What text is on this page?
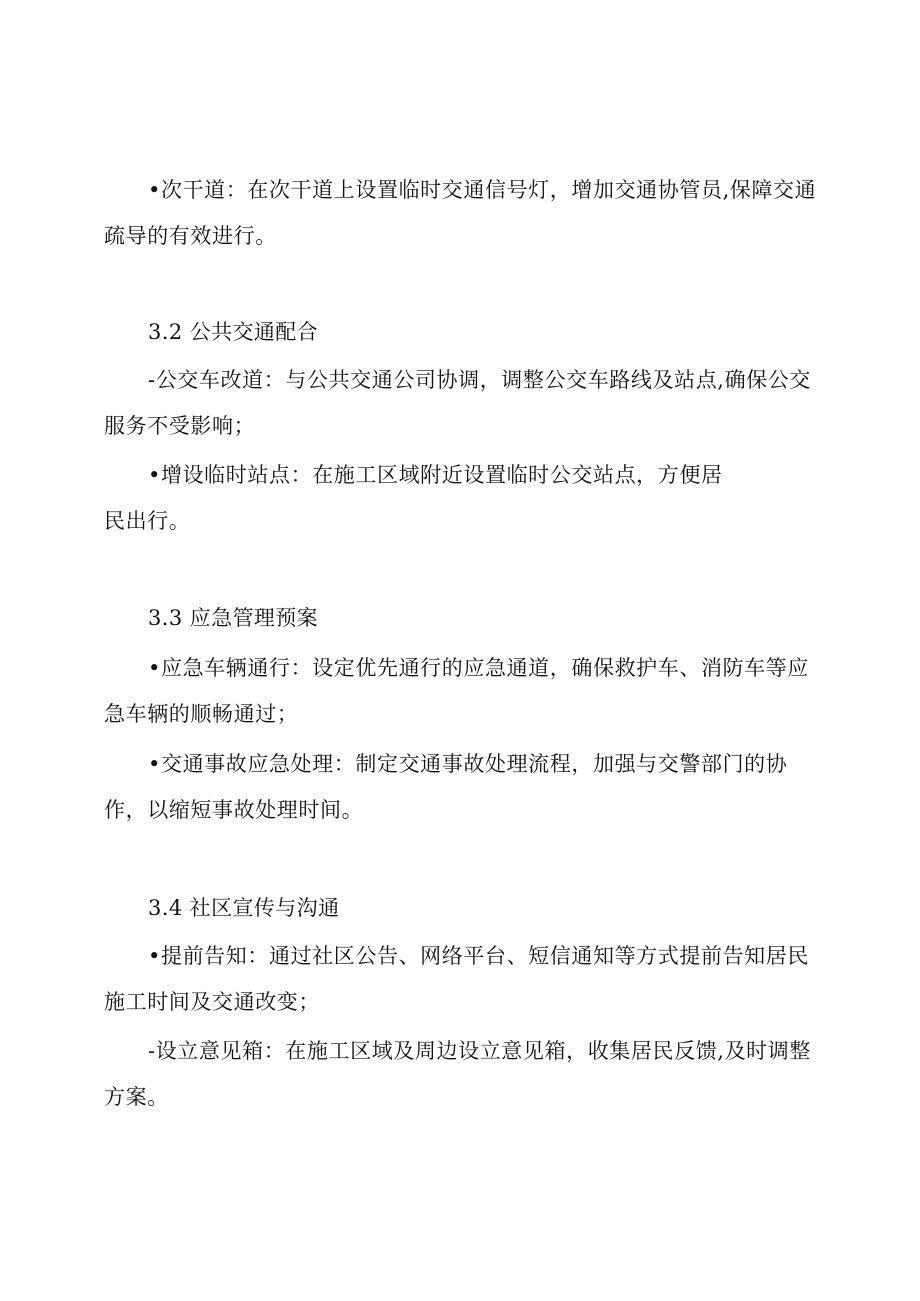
•次干道：在次干道上设置临时交通信号灯，增加交通协管员,保障交通
疏导的有效进行。
3.2 公共交通配合
-公交车改道：与公共交通公司协调，调整公交车路线及站点,确保公交
服务不受影响；
•增设临时站点：在施工区域附近设置临时公交站点，方便居
民出行。
3.3 应急管理预案
•应急车辆通行：设定优先通行的应急通道，确保救护车、消防车等应
急车辆的顺畅通过；
•交通事故应急处理：制定交通事故处理流程，加强与交警部门的协
作，以缩短事故处理时间。
3.4 社区宣传与沟通
•提前告知：通过社区公告、网络平台、短信通知等方式提前告知居民
施工时间及交通改变；
-设立意见箱：在施工区域及周边设立意见箱，收集居民反馈,及时调整
方案。
